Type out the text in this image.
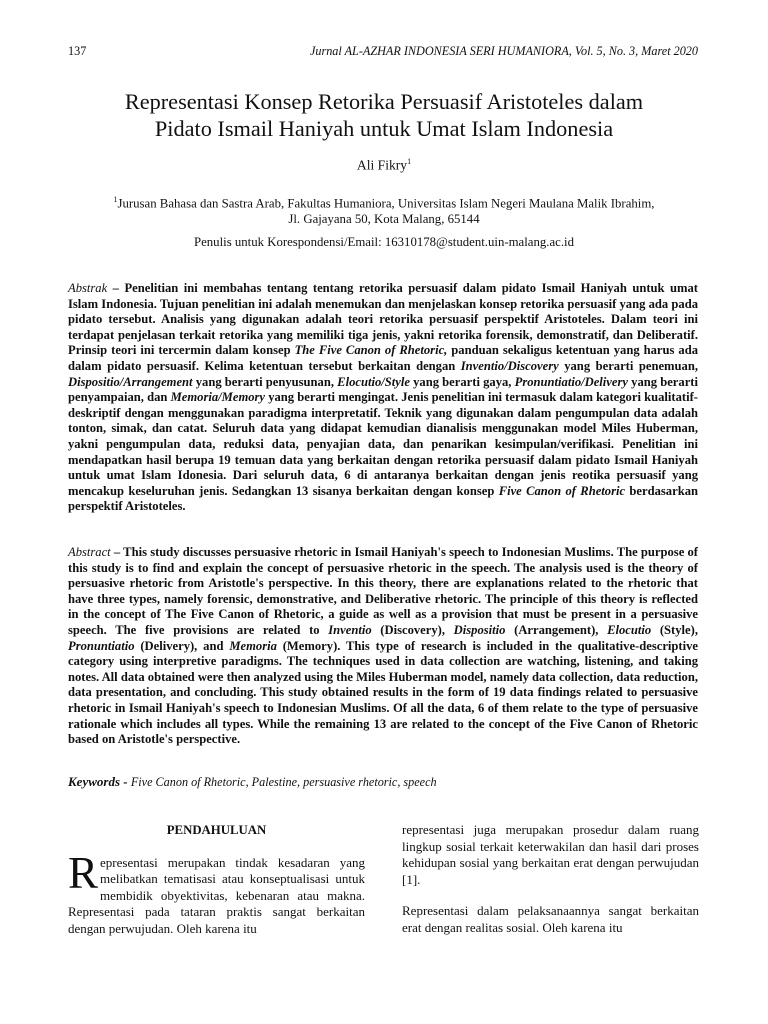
137	Jurnal AL-AZHAR INDONESIA SERI HUMANIORA, Vol. 5, No. 3, Maret 2020
Representasi Konsep Retorika Persuasif Aristoteles dalam
Pidato Ismail Haniyah untuk Umat Islam Indonesia
Ali Fikry$^1$
$^1$Jurusan Bahasa dan Sastra Arab, Fakultas Humaniora, Universitas Islam Negeri Maulana Malik Ibrahim,
Jl. Gajayana 50, Kota Malang, 65144
Penulis untuk Korespondensi/Email: 16310178@student.uin-malang.ac.id
Abstrak – Penelitian ini membahas tentang tentang retorika persuasif dalam pidato Ismail Haniyah untuk umat Islam Indonesia. Tujuan penelitian ini adalah menemukan dan menjelaskan konsep retorika persuasif yang ada pada pidato tersebut. Analisis yang digunakan adalah teori retorika persuasif perspektif Aristoteles. Dalam teori ini terdapat penjelasan terkait retorika yang memiliki tiga jenis, yakni retorika forensik, demonstratif, dan Deliberatif. Prinsip teori ini tercermin dalam konsep The Five Canon of Rhetoric, panduan sekaligus ketentuan yang harus ada dalam pidato persuasif. Kelima ketentuan tersebut berkaitan dengan Inventio/Discovery yang berarti penemuan, Dispositio/Arrangement yang berarti penyusunan, Elocutio/Style yang berarti gaya, Pronuntiatio/Delivery yang berarti penyampaian, dan Memoria/Memory yang berarti mengingat. Jenis penelitian ini termasuk dalam kategori kualitatif-deskriptif dengan menggunakan paradigma interpretatif. Teknik yang digunakan dalam pengumpulan data adalah tonton, simak, dan catat. Seluruh data yang didapat kemudian dianalisis menggunakan model Miles Huberman, yakni pengumpulan data, reduksi data, penyajian data, dan penarikan kesimpulan/verifikasi. Penelitian ini mendapatkan hasil berupa 19 temuan data yang berkaitan dengan retorika persuasif dalam pidato Ismail Haniyah untuk umat Islam Idonesia. Dari seluruh data, 6 di antaranya berkaitan dengan jenis reotika persuasif yang mencakup keseluruhan jenis. Sedangkan 13 sisanya berkaitan dengan konsep Five Canon of Rhetoric berdasarkan perspektif Aristoteles.
Abstract – This study discusses persuasive rhetoric in Ismail Haniyah's speech to Indonesian Muslims. The purpose of this study is to find and explain the concept of persuasive rhetoric in the speech. The analysis used is the theory of persuasive rhetoric from Aristotle's perspective. In this theory, there are explanations related to the rhetoric that have three types, namely forensic, demonstrative, and Deliberative rhetoric. The principle of this theory is reflected in the concept of The Five Canon of Rhetoric, a guide as well as a provision that must be present in a persuasive speech. The five provisions are related to Inventio (Discovery), Dispositio (Arrangement), Elocutio (Style), Pronuntiatio (Delivery), and Memoria (Memory). This type of research is included in the qualitative-descriptive category using interpretive paradigms. The techniques used in data collection are watching, listening, and taking notes. All data obtained were then analyzed using the Miles Huberman model, namely data collection, data reduction, data presentation, and concluding. This study obtained results in the form of 19 data findings related to persuasive rhetoric in Ismail Haniyah's speech to Indonesian Muslims. Of all the data, 6 of them relate to the type of persuasive rationale which includes all types. While the remaining 13 are related to the concept of the Five Canon of Rhetoric based on Aristotle's perspective.
Keywords - Five Canon of Rhetoric, Palestine, persuasive rhetoric, speech
PENDAHULUAN
Representasi merupakan tindak kesadaran yang melibatkan tematisasi atau konseptualisasi untuk membidik obyektivitas, kebenaran atau makna. Representasi pada tataran praktis sangat berkaitan dengan perwujudan. Oleh karena itu

representasi juga merupakan prosedur dalam ruang lingkup sosial terkait keterwakilan dan hasil dari proses kehidupan sosial yang berkaitan erat dengan perwujudan [1].

Representasi dalam pelaksanaannya sangat berkaitan erat dengan realitas sosial. Oleh karena itu
